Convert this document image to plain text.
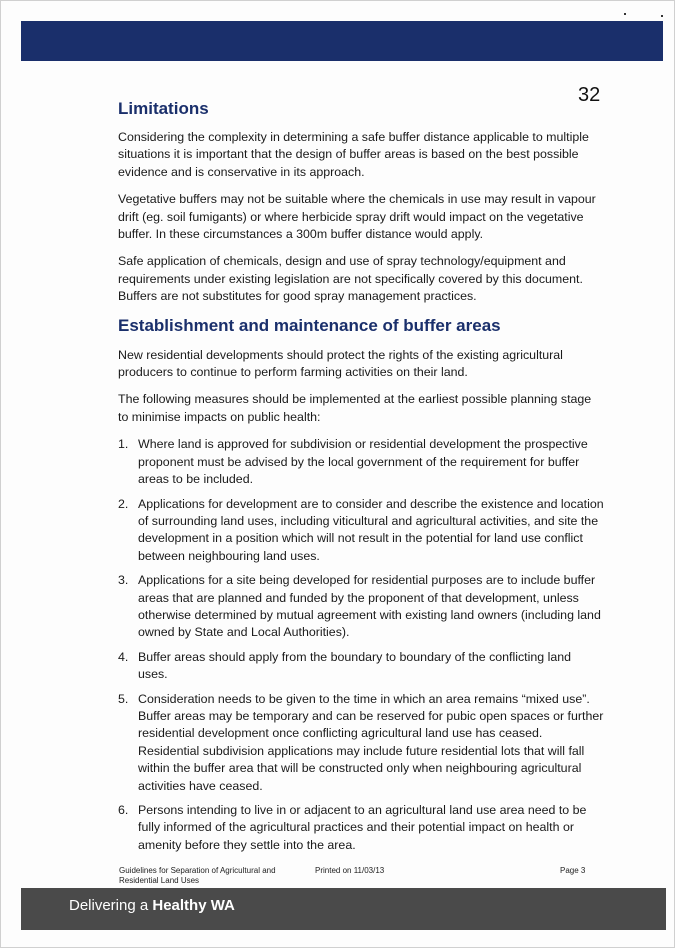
32
Limitations

Considering the complexity in determining a safe buffer distance applicable to multiple situations it is important that the design of buffer areas is based on the best possible evidence and is conservative in its approach.

Vegetative buffers may not be suitable where the chemicals in use may result in vapour drift (eg. soil fumigants) or where herbicide spray drift would impact on the vegetative buffer. In these circumstances a 300m buffer distance would apply.

Safe application of chemicals, design and use of spray technology/equipment and requirements under existing legislation are not specifically covered by this document. Buffers are not substitutes for good spray management practices.

Establishment and maintenance of buffer areas

New residential developments should protect the rights of the existing agricultural producers to continue to perform farming activities on their land.

The following measures should be implemented at the earliest possible planning stage to minimise impacts on public health:

1. Where land is approved for subdivision or residential development the prospective proponent must be advised by the local government of the requirement for buffer areas to be included.
2. Applications for development are to consider and describe the existence and location of surrounding land uses, including viticultural and agricultural activities, and site the development in a position which will not result in the potential for land use conflict between neighbouring land uses.
3. Applications for a site being developed for residential purposes are to include buffer areas that are planned and funded by the proponent of that development, unless otherwise determined by mutual agreement with existing land owners (including land owned by State and Local Authorities).
4. Buffer areas should apply from the boundary to boundary of the conflicting land uses.
5. Consideration needs to be given to the time in which an area remains “mixed use”. Buffer areas may be temporary and can be reserved for pubic open spaces or further residential development once conflicting agricultural land use has ceased. Residential subdivision applications may include future residential lots that will fall within the buffer area that will be constructed only when neighbouring agricultural activities have ceased.
6. Persons intending to live in or adjacent to an agricultural land use area need to be fully informed of the agricultural practices and their potential impact on health or amenity before they settle into the area.
Guidelines for Separation of Agricultural and Residential Land Uses
Printed on 11/03/13	Page 3
Delivering a Healthy WA
